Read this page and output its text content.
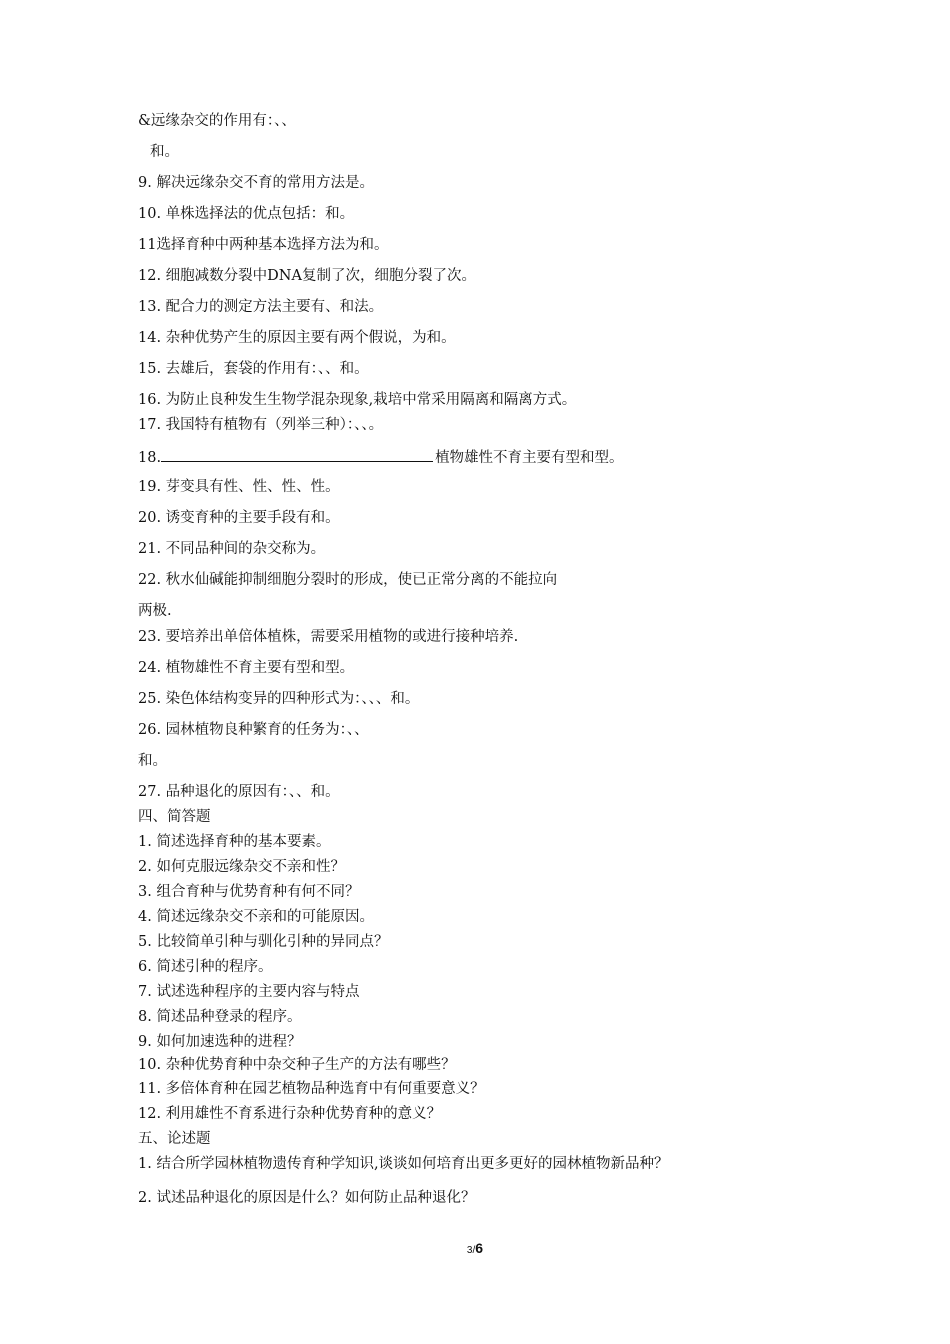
&远缘杂交的作用有：、、
和。
9. 解决远缘杂交不育的常用方法是。
10. 单株选择法的优点包括：和。
11选择育种中两种基本选择方法为和。
12. 细胞减数分裂中DNA复制了次，细胞分裂了次。
13. 配合力的测定方法主要有、和法。
14. 杂种优势产生的原因主要有两个假说，为和。
15. 去雄后，套袋的作用有：、、和。
16. 为防止良种发生生物学混杂现象,栽培中常采用隔离和隔离方式。
17. 我国特有植物有（列举三种）：、、。
18.	植物雄性不育主要有型和型。
19. 芽变具有性、性、性、性。
20. 诱变育种的主要手段有和。
21. 不同品种间的杂交称为。
22. 秋水仙碱能抑制细胞分裂时的形成，使已正常分离的不能拉向
两极.
23. 要培养出单倍体植株，需要采用植物的或进行接种培养.
24. 植物雄性不育主要有型和型。
25. 染色体结构变异的四种形式为：、、、和。
26. 园林植物良种繁育的任务为：、、
和。
27. 品种退化的原因有：、、和。
四、简答题
1. 简述选择育种的基本要素。
2. 如何克服远缘杂交不亲和性？
3. 组合育种与优势育种有何不同？
4. 简述远缘杂交不亲和的可能原因。
5. 比较简单引种与驯化引种的异同点？
6. 简述引种的程序。
7. 试述选种程序的主要内容与特点
8. 简述品种登录的程序。
9. 如何加速选种的进程？
10. 杂种优势育种中杂交种子生产的方法有哪些？
11. 多倍体育种在园艺植物品种选育中有何重要意义？
12. 利用雄性不育系进行杂种优势育种的意义？
五、论述题
1. 结合所学园林植物遗传育种学知识,谈谈如何培育出更多更好的园林植物新品种？
2. 试述品种退化的原因是什么？如何防止品种退化？
3/6
